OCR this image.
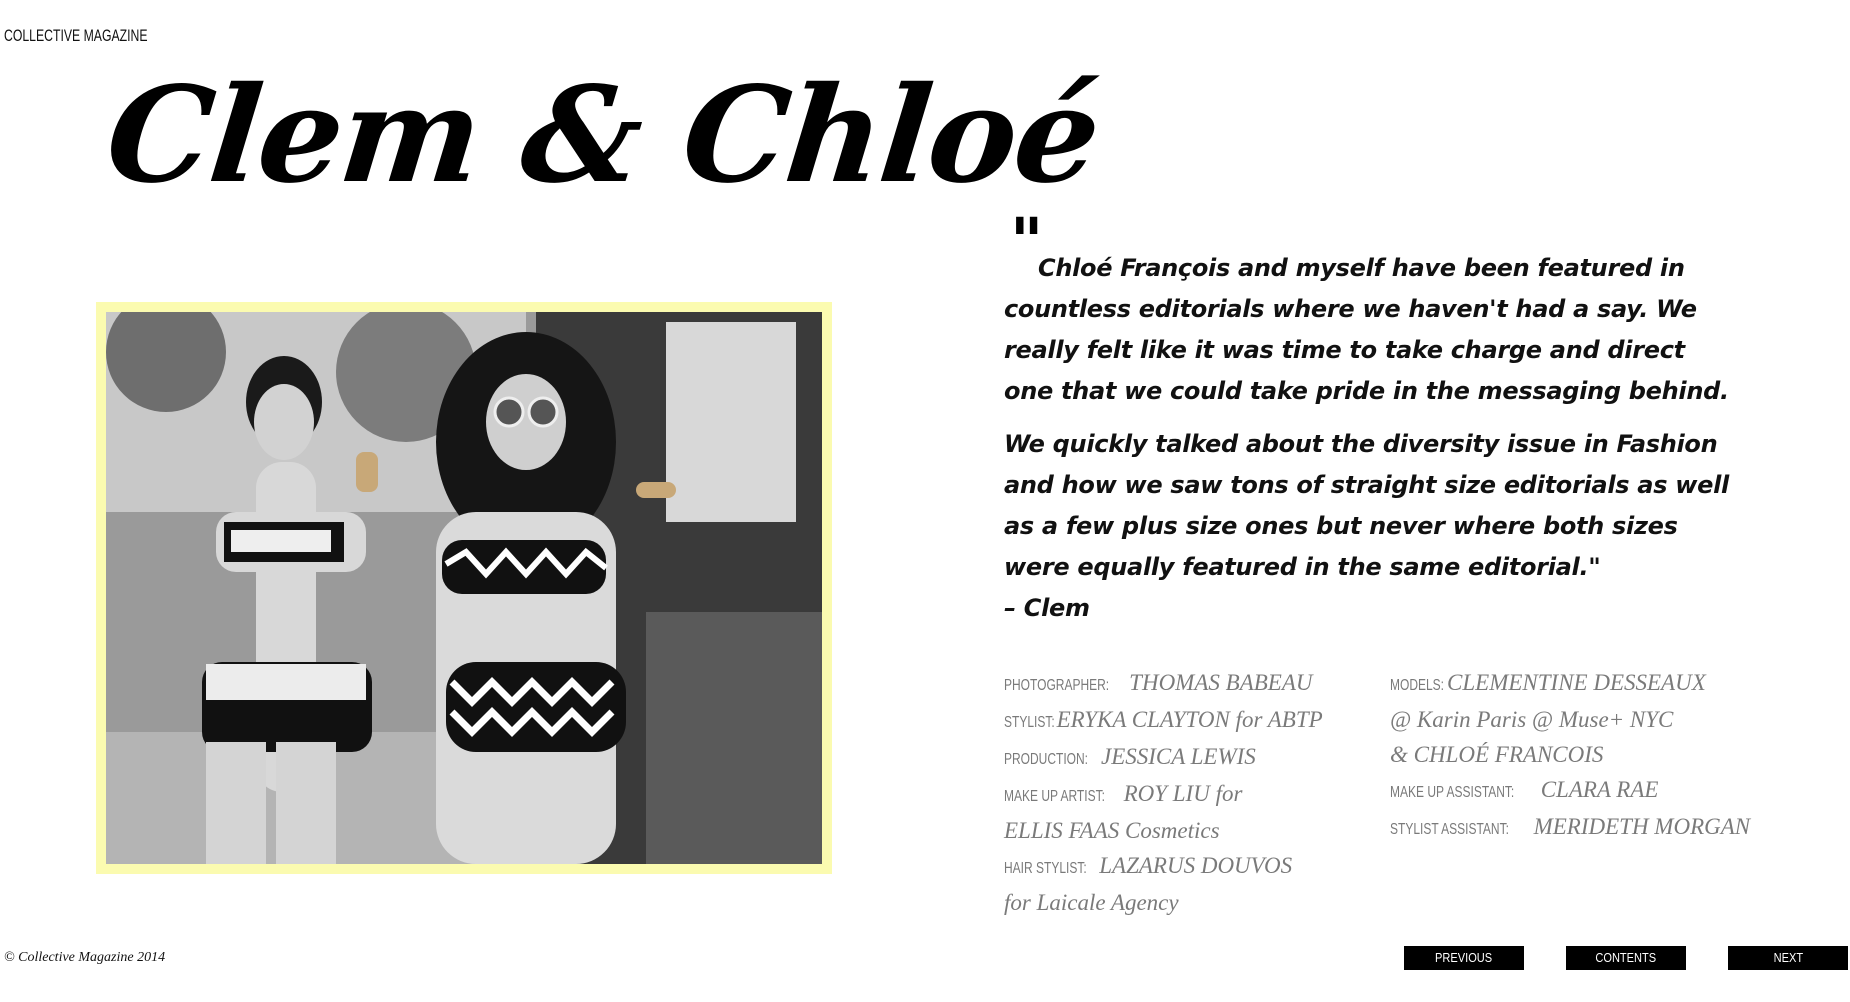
COLLECTIVE MAGAZINE
Clem & Chloé
"

Chloé François and myself have been featured in countless editorials where we haven't had a say. We really felt like it was time to take charge and direct one that we could take pride in the messaging behind.

We quickly talked about the diversity issue in Fashion and how we saw tons of straight size editorials as well as a few plus size ones but never where both sizes were equally featured in the same editorial."

– Clem

PHOTOGRAPHER: THOMAS BABEAU
STYLIST: ERYKA CLAYTON for ABTP
PRODUCTION: JESSICA LEWIS
MAKE UP ARTIST: ROY LIU for
ELLIS FAAS Cosmetics
HAIR STYLIST: LAZARUS DOUVOS
for Laicale Agency
MODELS: CLEMENTINE DESSEAUX
@ Karin Paris @ Muse+ NYC
& CHLOÉ FRANCOIS
MAKE UP ASSISTANT: CLARA RAE
STYLIST ASSISTANT: MERIDETH MORGAN
© Collective Magazine 2014	PREVIOUS	CONTENTS	NEXT
